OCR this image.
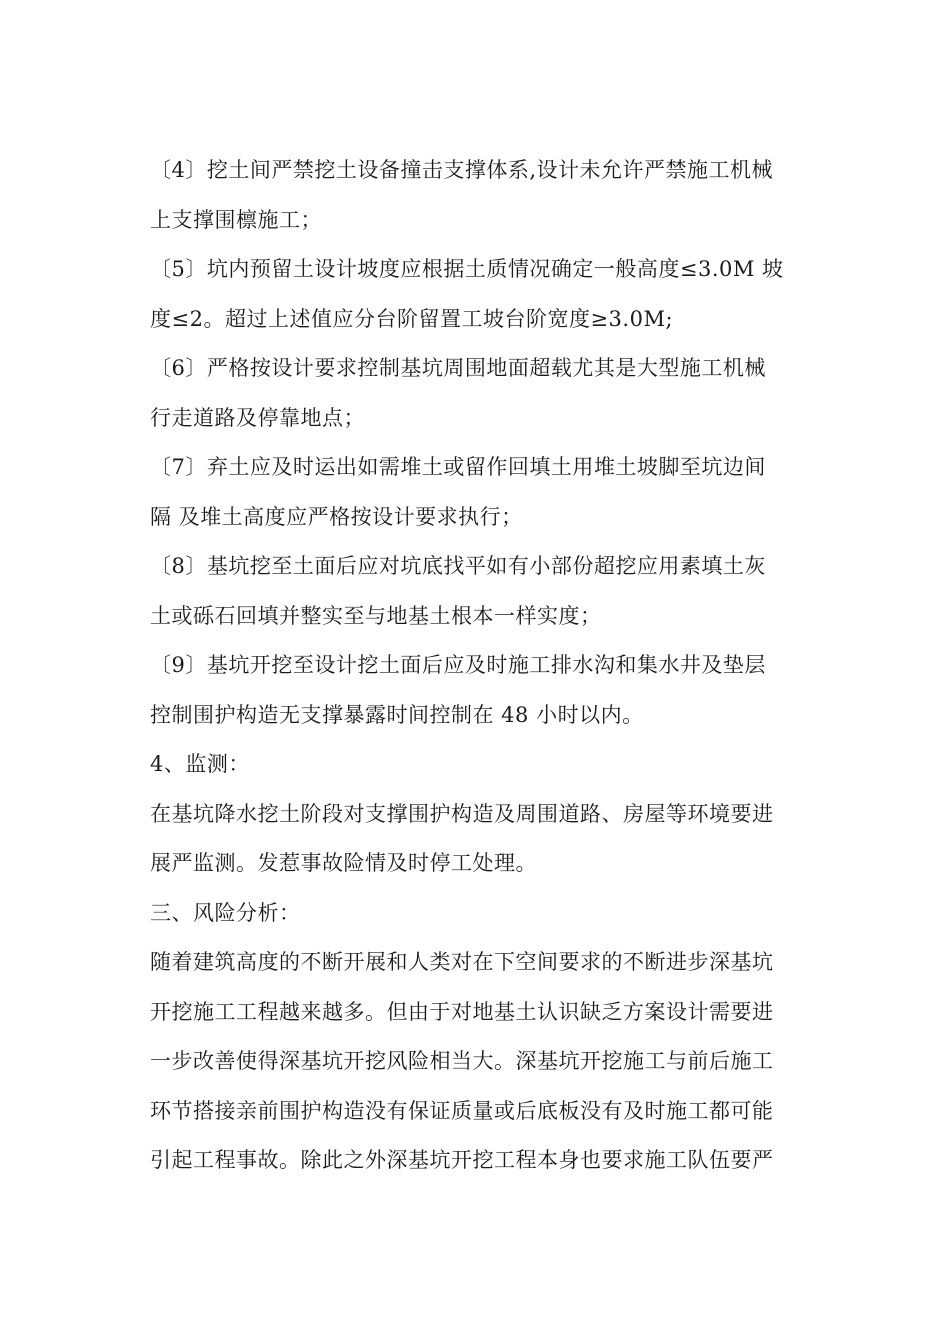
〔4〕挖土间严禁挖土设备撞击支撑体系,设计未允许严禁施工机械
上支撑围檩施工；
〔5〕坑内预留土设计坡度应根据土质情况确定一般高度≤3.0M 坡
度≤2。超过上述值应分台阶留置工坡台阶宽度≥3.0M;
〔6〕严格按设计要求控制基坑周围地面超载尤其是大型施工机械
行走道路及停靠地点；
〔7〕弃土应及时运出如需堆土或留作回填土用堆土坡脚至坑边间
隔 及堆土高度应严格按设计要求执行；
〔8〕基坑挖至土面后应对坑底找平如有小部份超挖应用素填土灰
土或砾石回填并整实至与地基土根本一样实度；
〔9〕基坑开挖至设计挖土面后应及时施工排水沟和集水井及垫层
控制围护构造无支撑暴露时间控制在 48 小时以内。
4、监测：
在基坑降水挖土阶段对支撑围护构造及周围道路、房屋等环境要进
展严监测。发惹事故险情及时停工处理。
三、风险分析：
随着建筑高度的不断开展和人类对在下空间要求的不断进步深基坑
开挖施工工程越来越多。但由于对地基土认识缺乏方案设计需要进
一步改善使得深基坑开挖风险相当大。深基坑开挖施工与前后施工
环节搭接亲前围护构造没有保证质量或后底板没有及时施工都可能
引起工程事故。除此之外深基坑开挖工程本身也要求施工队伍要严
